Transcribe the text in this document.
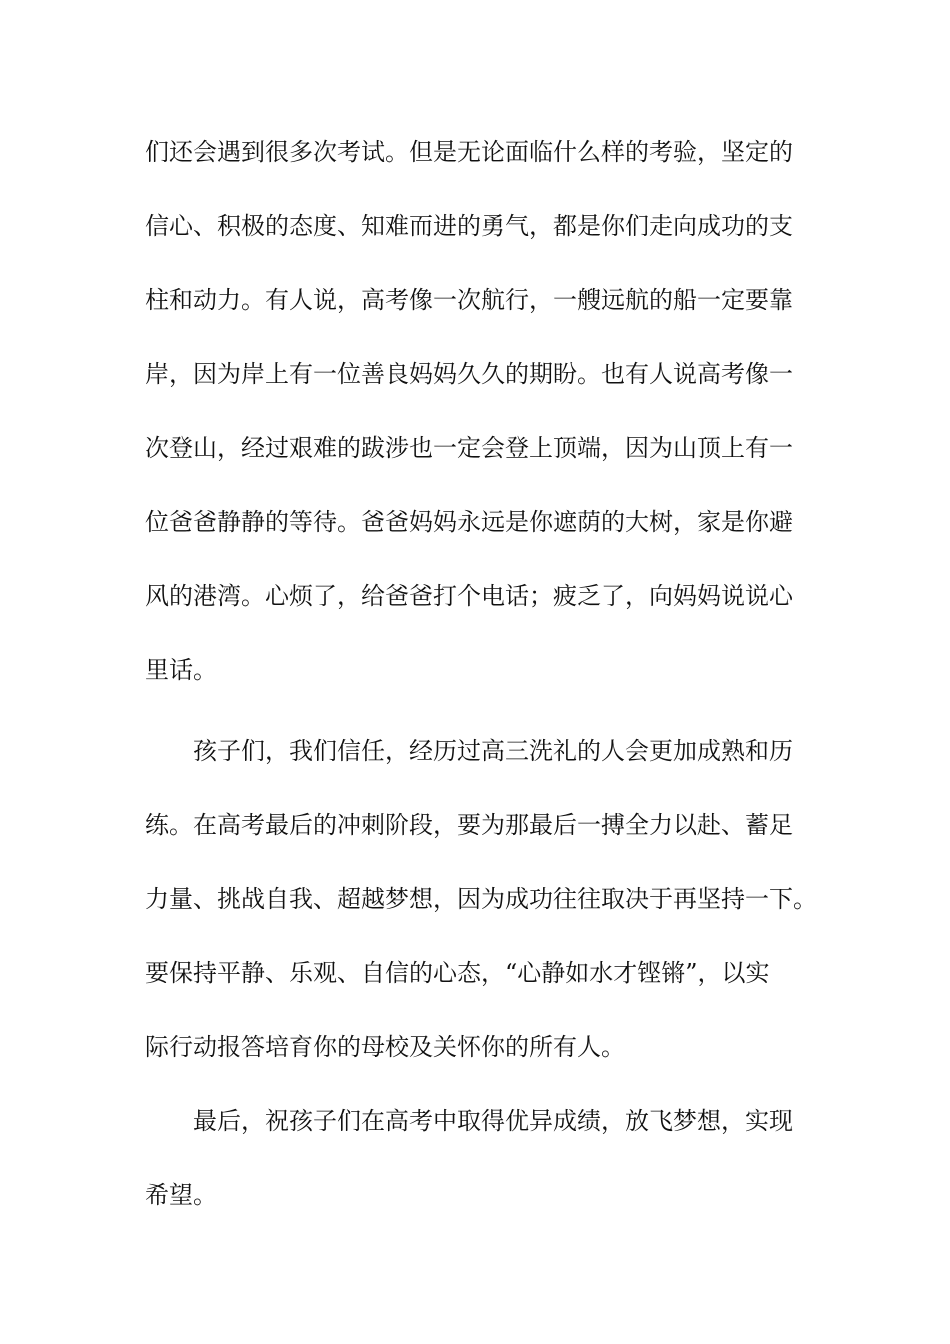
们还会遇到很多次考试。但是无论面临什么样的考验，坚定的

信心、积极的态度、知难而进的勇气，都是你们走向成功的支

柱和动力。有人说，高考像一次航行，一艘远航的船一定要靠

岸，因为岸上有一位善良妈妈久久的期盼。也有人说高考像一

次登山，经过艰难的跋涉也一定会登上顶端，因为山顶上有一

位爸爸静静的等待。爸爸妈妈永远是你遮荫的大树，家是你避

风的港湾。心烦了，给爸爸打个电话；疲乏了，向妈妈说说心

里话。

孩子们，我们信任，经历过高三洗礼的人会更加成熟和历

练。在高考最后的冲刺阶段，要为那最后一搏全力以赴、蓄足

力量、挑战自我、超越梦想，因为成功往往取决于再坚持一下。

要保持平静、乐观、自信的心态，“心静如水才铿锵”，以实

际行动报答培育你的母校及关怀你的所有人。

最后，祝孩子们在高考中取得优异成绩，放飞梦想，实现

希望。
